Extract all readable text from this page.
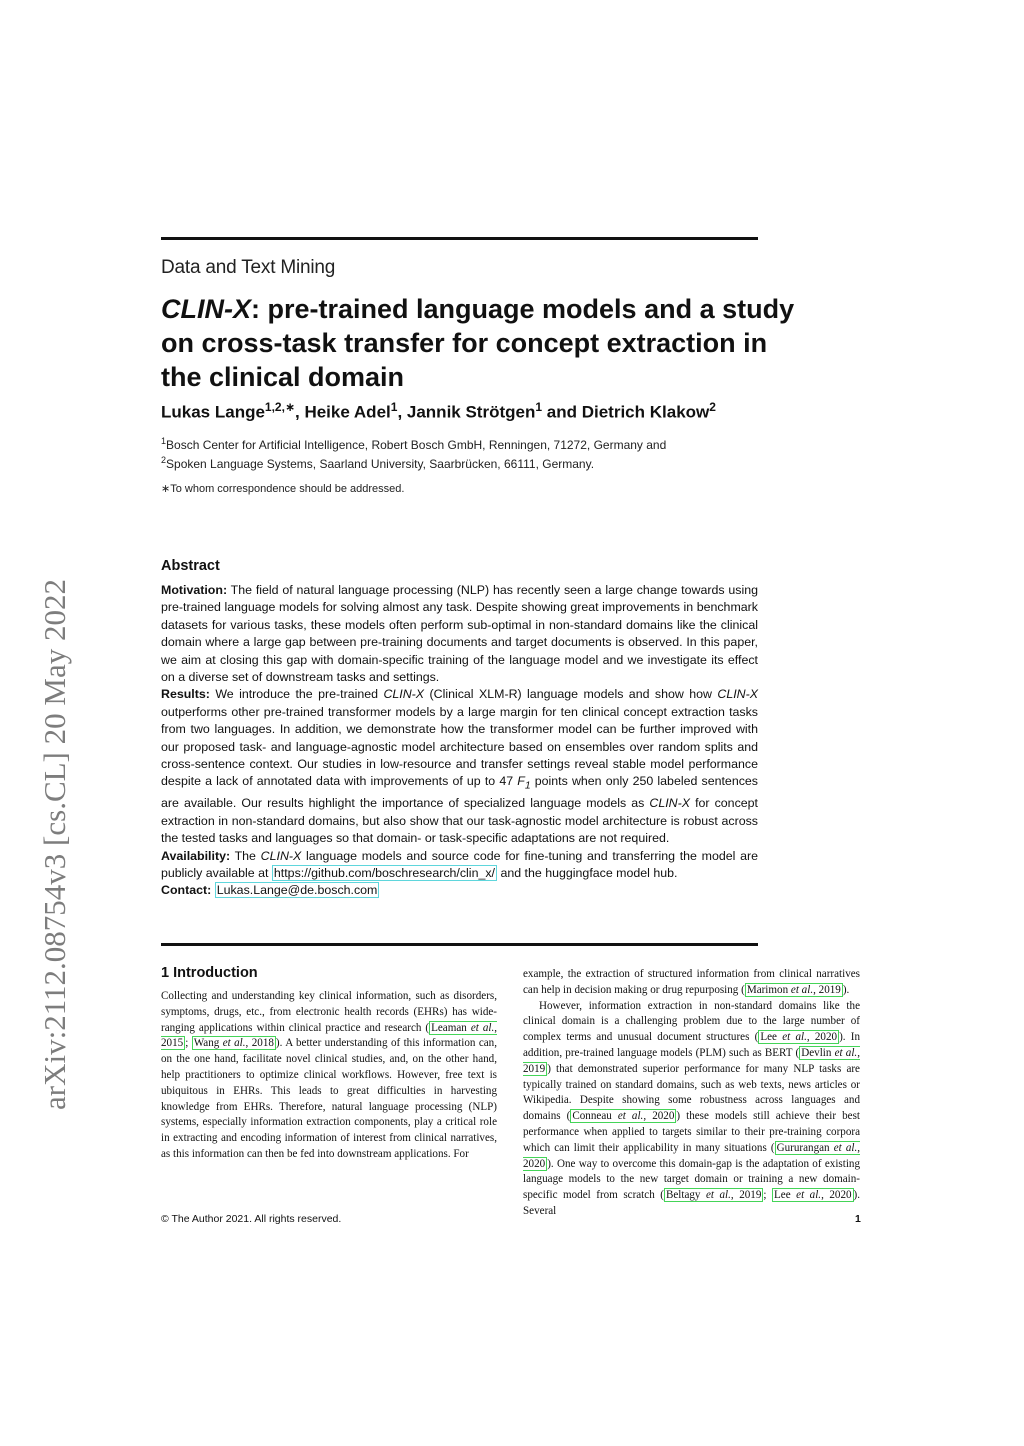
Data and Text Mining
CLIN-X: pre-trained language models and a study on cross-task transfer for concept extraction in the clinical domain
Lukas Lange$^{1,2,∗}$, Heike Adel$^1$, Jannik Strötgen$^1$ and Dietrich Klakow$^2$
$^1$Bosch Center for Artificial Intelligence, Robert Bosch GmbH, Renningen, 71272, Germany and
$^2$Spoken Language Systems, Saarland University, Saarbrücken, 66111, Germany.
∗To whom correspondence should be addressed.
Abstract

Motivation: The field of natural language processing (NLP) has recently seen a large change towards using pre-trained language models for solving almost any task. Despite showing great improvements in benchmark datasets for various tasks, these models often perform sub-optimal in non-standard domains like the clinical domain where a large gap between pre-training documents and target documents is observed. In this paper, we aim at closing this gap with domain-specific training of the language model and we investigate its effect on a diverse set of downstream tasks and settings.

Results: We introduce the pre-trained CLIN-X (Clinical XLM-R) language models and show how CLIN-X outperforms other pre-trained transformer models by a large margin for ten clinical concept extraction tasks from two languages. In addition, we demonstrate how the transformer model can be further improved with our proposed task- and language-agnostic model architecture based on ensembles over random splits and cross-sentence context. Our studies in low-resource and transfer settings reveal stable model performance despite a lack of annotated data with improvements of up to 47 $F_1$ points when only 250 labeled sentences are available. Our results highlight the importance of specialized language models as CLIN-X for concept extraction in non-standard domains, but also show that our task-agnostic model architecture is robust across the tested tasks and languages so that domain- or task-specific adaptations are not required.

Availability: The CLIN-X language models and source code for fine-tuning and transferring the model are publicly available at https://github.com/boschresearch/clin_x/ and the huggingface model hub.

Contact: Lukas.Lange@de.bosch.com

arXiv:2112.08754v3 [cs.CL] 20 May 2022	1 Introduction

Collecting and understanding key clinical information, such as disorders, symptoms, drugs, etc., from electronic health records (EHRs) has wide-ranging applications within clinical practice and research ( Leaman et al., 2015 ; Wang et al., 2018 ). A better understanding of this information can, on the one hand, facilitate novel clinical studies, and, on the other hand, help practitioners to optimize clinical workflows. However, free text is ubiquitous in EHRs. This leads to great difficulties in harvesting knowledge from EHRs. Therefore, natural language processing (NLP) systems, especially information extraction components, play a critical role in extracting and encoding information of interest from clinical narratives, as this information can then be fed into downstream applications. For

example, the extraction of structured information from clinical narratives can help in decision making or drug repurposing ( Marimon et al., 2019 ).

However, information extraction in non-standard domains like the clinical domain is a challenging problem due to the large number of complex terms and unusual document structures ( Lee et al., 2020 ). In addition, pre-trained language models (PLM) such as BERT ( Devlin et al., 2019 ) that demonstrated superior performance for many NLP tasks are typically trained on standard domains, such as web texts, news articles or Wikipedia. Despite showing some robustness across languages and domains ( Conneau et al., 2020 ) these models still achieve their best performance when applied to targets similar to their pre-training corpora which can limit their applicability in many situations ( Gururangan et al., 2020 ). One way to overcome this domain-gap is the adaptation of existing language models to the new target domain or training a new domain-specific model from scratch ( Beltagy et al., 2019 ; Lee et al., 2020 ). Several

© The Author 2021. All rights reserved.	1
